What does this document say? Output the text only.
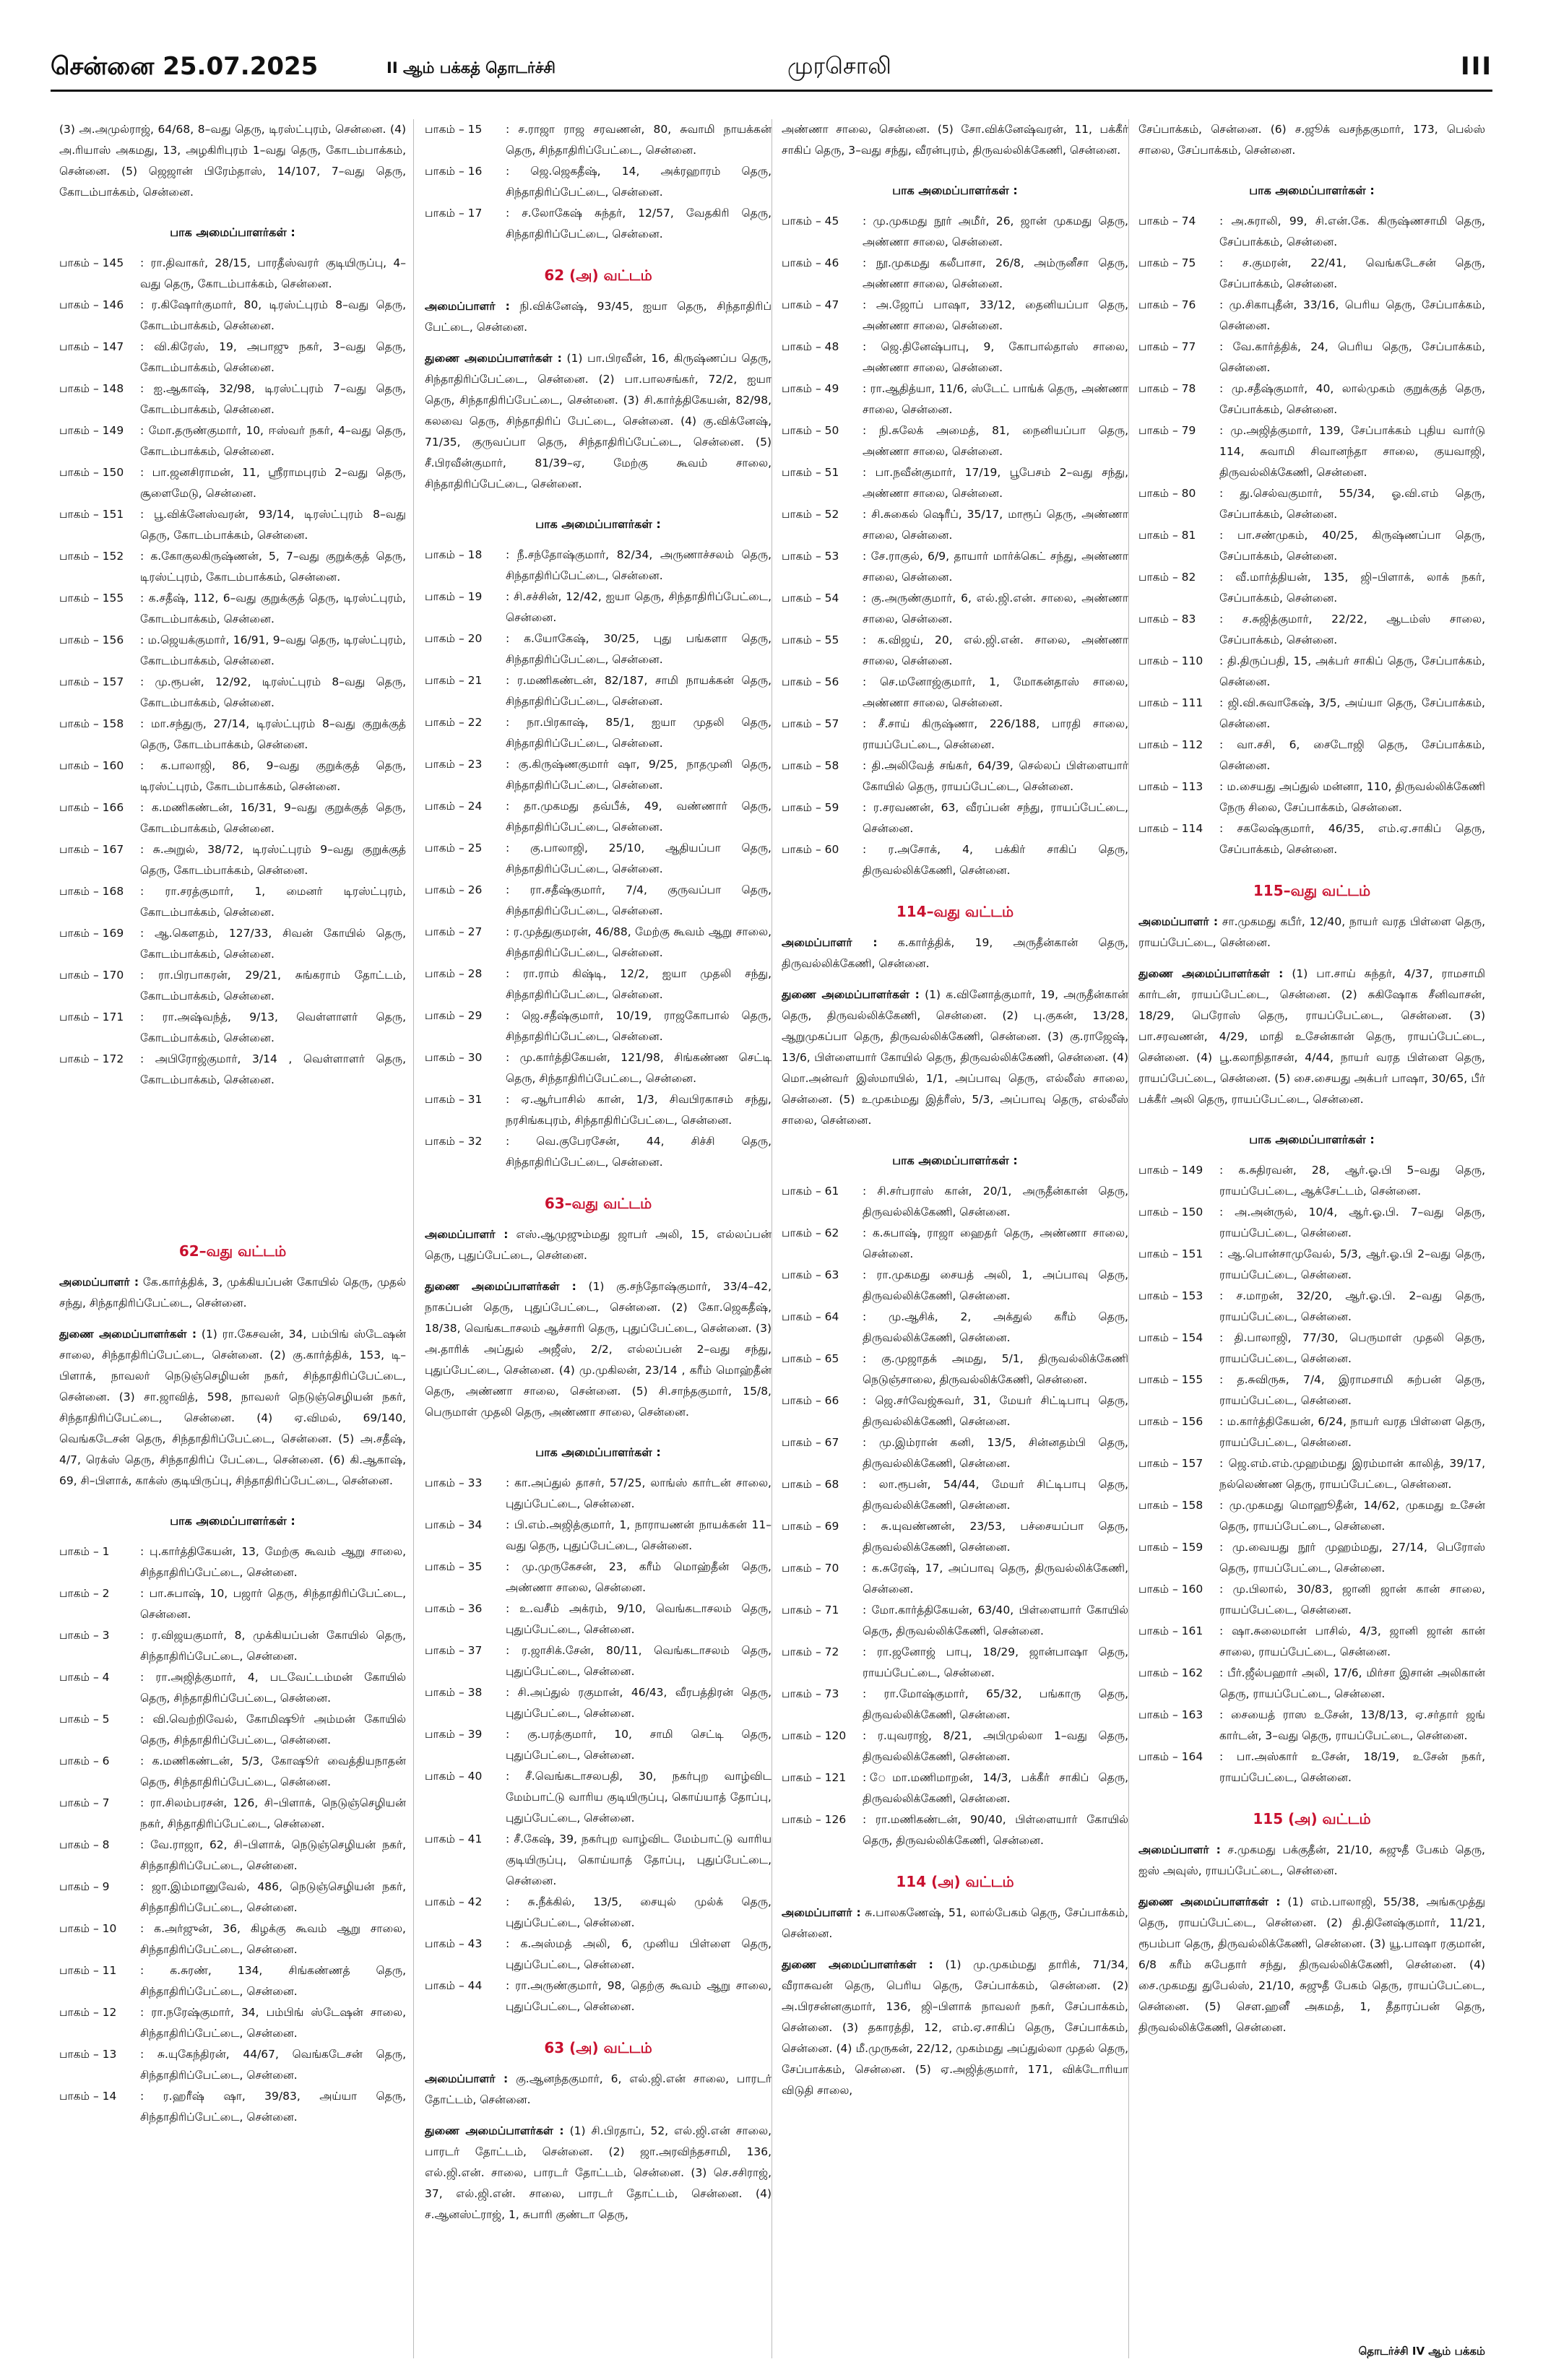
சென்னை 25.07.2025	II ஆம் பக்கத் தொடர்ச்சி	முரசொலி	III
(3) அ.அமுல்ராஜ், 64/68, 8–வது தெரு, டிரஸ்ட்புரம், சென்னை. (4) அ.ரியாஸ் அகமது, 13, அழகிரிபுரம் 1–வது தெரு, கோடம்பாக்கம், சென்னை. (5) ஜெஜான் பிரேம்தாஸ், 14/107, 7–வது தெரு, கோடம்பாக்கம், சென்னை.
பாக அமைப்பாளர்கள் :
பாகம் – 145	: ரா.திவாகர், 28/15, பாரதீஸ்வரர் குடியிருப்பு, 4–வது தெரு, கோடம்பாக்கம், சென்னை.
பாகம் – 146	: ர.கிஷோர்குமார், 80, டிரஸ்ட்புரம் 8–வது தெரு, கோடம்பாக்கம், சென்னை.
பாகம் – 147	: வி.கிரேஸ், 19, அபாஜு நகர், 3–வது தெரு, கோடம்பாக்கம், சென்னை.
பாகம் – 148	: ஐ.ஆகாஷ், 32/98, டிரஸ்ட்புரம் 7–வது தெரு, கோடம்பாக்கம், சென்னை.
பாகம் – 149	: மோ.தருண்குமார், 10, ஈஸ்வர் நகர், 4–வது தெரு, கோடம்பாக்கம், சென்னை.
பாகம் – 150	: பா.ஜனசிராமன், 11, ஸ்ரீராமபுரம் 2–வது தெரு, சூளைமேடு, சென்னை.
பாகம் – 151	: பூ.விக்னேஸ்வரன், 93/14, டிரஸ்ட்புரம் 8–வது தெரு, கோடம்பாக்கம், சென்னை.
பாகம் – 152	: க.கோகுலகிருஷ்ணன், 5, 7–வது குறுக்குத் தெரு, டிரஸ்ட்புரம், கோடம்பாக்கம், சென்னை.
பாகம் – 155	: க.சதீஷ், 112, 6–வது குறுக்குத் தெரு, டிரஸ்ட்புரம், கோடம்பாக்கம், சென்னை.
பாகம் – 156	: ம.ஜெயக்குமார், 16/91, 9–வது தெரு, டிரஸ்ட்புரம், கோடம்பாக்கம், சென்னை.
பாகம் – 157	: மு.ரூபன், 12/92, டிரஸ்ட்புரம் 8–வது தெரு, கோடம்பாக்கம், சென்னை.
பாகம் – 158	: மா.சந்துரு, 27/14, டிரஸ்ட்புரம் 8–வது குறுக்குத் தெரு, கோடம்பாக்கம், சென்னை.
பாகம் – 160	: க.பாலாஜி, 86, 9–வது குறுக்குத் தெரு, டிரஸ்ட்புரம், கோடம்பாக்கம், சென்னை.
பாகம் – 166	: க.மணிகண்டன், 16/31, 9–வது குறுக்குத் தெரு, கோடம்பாக்கம், சென்னை.
பாகம் – 167	: சு.அறுல், 38/72, டிரஸ்ட்புரம் 9–வது குறுக்குத் தெரு, கோடம்பாக்கம், சென்னை.
பாகம் – 168	: ரா.சரத்குமார், 1, மைனர் டிரஸ்ட்புரம், கோடம்பாக்கம், சென்னை.
பாகம் – 169	: ஆ.கௌதம், 127/33, சிவன் கோயில் தெரு, கோடம்பாக்கம், சென்னை.
பாகம் – 170	: ரா.பிரபாகரன், 29/21, சுங்கராம் தோட்டம், கோடம்பாக்கம், சென்னை.
பாகம் – 171	: ரா.அஷ்வந்த், 9/13, வெள்ளாளர் தெரு, கோடம்பாக்கம், சென்னை.
பாகம் – 172	: அபிரோஜ்குமார், 3/14 , வெள்ளாளர் தெரு, கோடம்பாக்கம், சென்னை.
62–வது வட்டம்
அமைப்பாளர் : கே.கார்த்திக், 3, முக்கியப்பன் கோயில் தெரு, முதல் சந்து, சிந்தாதிரிப்பேட்டை, சென்னை.
துணை அமைப்பாளர்கள் : (1) ரா.கேசவன், 34, பம்பிங் ஸ்டேஷன் சாலை, சிந்தாதிரிப்பேட்டை, சென்னை. (2) கு.கார்த்திக், 153, டி–பிளாக், நாவலர் நெடுஞ்செழியன் நகர், சிந்தாதிரிப்பேட்டை, சென்னை. (3) சா.ஜாவித், 598, நாவலர் நெடுஞ்செழியன் நகர், சிந்தாதிரிப்பேட்டை, சென்னை. (4) ஏ.விமல், 69/140, வெங்கடேசன் தெரு, சிந்தாதிரிப்பேட்டை, சென்னை. (5) அ.சதீஷ், 4/7, ரெக்ஸ் தெரு, சிந்தாதிரிப் பேட்டை, சென்னை. (6) கி.ஆகாஷ், 69, சி–பிளாக், காக்ஸ் குடியிருப்பு, சிந்தாதிரிப்பேட்டை, சென்னை.
பாக அமைப்பாளர்கள் :
பாகம் – 1	: பு.கார்த்திகேயன், 13, மேற்கு கூவம் ஆறு சாலை, சிந்தாதிரிப்பேட்டை, சென்னை.
பாகம் – 2	: பா.சுபாஷ், 10, பஜார் தெரு, சிந்தாதிரிப்பேட்டை, சென்னை.
பாகம் – 3	: ர.விஜயகுமார், 8, முக்கியப்பன் கோயில் தெரு, சிந்தாதிரிப்பேட்டை, சென்னை.
பாகம் – 4	: ரா.அஜித்குமார், 4, படவேட்டம்மன் கோயில் தெரு, சிந்தாதிரிப்பேட்டை, சென்னை.
பாகம் – 5	: வி.வெற்றிவேல், கோமிஷூர் அம்மன் கோயில் தெரு, சிந்தாதிரிப்பேட்டை, சென்னை.
பாகம் – 6	: க.மணிகண்டன், 5/3, கோஷூர் வைத்தியநாதன் தெரு, சிந்தாதிரிப்பேட்டை, சென்னை.
பாகம் – 7	: ரா.சிலம்பரசன், 126, சி–பிளாக், நெடுஞ்செழியன் நகர், சிந்தாதிரிப்பேட்டை, சென்னை.
பாகம் – 8	: வே.ராஜா, 62, சி–பிளாக், நெடுஞ்செழியன் நகர், சிந்தாதிரிப்பேட்டை, சென்னை.
பாகம் – 9	: ஜா.இம்மானுவேல், 486, நெடுஞ்செழியன் நகர், சிந்தாதிரிப்பேட்டை, சென்னை.
பாகம் – 10	: க.அர்ஜுன், 36, கிழக்கு கூவம் ஆறு சாலை, சிந்தாதிரிப்பேட்டை, சென்னை.
பாகம் – 11	: க.சுரண், 134, சிங்கண்ணத் தெரு, சிந்தாதிரிப்பேட்டை, சென்னை.
பாகம் – 12	: ரா.நரேஷ்குமார், 34, பம்பிங் ஸ்டேஷன் சாலை, சிந்தாதிரிப்பேட்டை, சென்னை.
பாகம் – 13	: சு.யுகேந்திரன், 44/67, வெங்கடேசன் தெரு, சிந்தாதிரிப்பேட்டை, சென்னை.
பாகம் – 14	: ர.ஹரீஷ் ஷா, 39/83, அய்யா தெரு, சிந்தாதிரிப்பேட்டை, சென்னை.
பாகம் – 15	: ச.ராஜா ராஜ சரவணன், 80, சுவாமி நாயக்கன் தெரு, சிந்தாதிரிப்பேட்டை, சென்னை.
பாகம் – 16	: ஜெ.ஜெகதீஷ், 14, அக்ரஹாரம் தெரு, சிந்தாதிரிப்பேட்டை, சென்னை.
பாகம் – 17	: ச.லோகேஷ் சுந்தர், 12/57, வேதகிரி தெரு, சிந்தாதிரிப்பேட்டை, சென்னை.
62 (அ) வட்டம்
அமைப்பாளர் : நி.விக்னேஷ், 93/45, ஐயா தெரு, சிந்தாதிரிப் பேட்டை, சென்னை.
துணை அமைப்பாளர்கள் : (1) பா.பிரவீன், 16, கிருஷ்ணப்ப தெரு, சிந்தாதிரிப்பேட்டை, சென்னை. (2) பா.பாலசங்கர், 72/2, ஐயா தெரு, சிந்தாதிரிப்பேட்டை, சென்னை. (3) சி.கார்த்திகேயன், 82/98, கலவை தெரு, சிந்தாதிரிப் பேட்டை, சென்னை. (4) கு.விக்னேஷ், 71/35, குருவப்பா தெரு, சிந்தாதிரிப்பேட்டை, சென்னை. (5) சீ.பிரவீன்குமார், 81/39–ஏ, மேற்கு கூவம் சாலை, சிந்தாதிரிப்பேட்டை, சென்னை.
பாக அமைப்பாளர்கள் :
பாகம் – 18	: நீ.சந்தோஷ்குமார், 82/34, அருணாச்சலம் தெரு, சிந்தாதிரிப்பேட்டை, சென்னை.
பாகம் – 19	: சி.சச்சின், 12/42, ஐயா தெரு, சிந்தாதிரிப்பேட்டை, சென்னை.
பாகம் – 20	: க.யோகேஷ், 30/25, புது பங்களா தெரு, சிந்தாதிரிப்பேட்டை, சென்னை.
பாகம் – 21	: ர.மணிகண்டன், 82/187, சாமி நாயக்கன் தெரு, சிந்தாதிரிப்பேட்டை, சென்னை.
பாகம் – 22	: நா.பிரகாஷ், 85/1, ஐயா முதலி தெரு, சிந்தாதிரிப்பேட்டை, சென்னை.
பாகம் – 23	: கு.கிருஷ்ணகுமார் ஷா, 9/25, நாதமுனி தெரு, சிந்தாதிரிப்பேட்டை, சென்னை.
பாகம் – 24	: தா.முகமது தவ்பீக், 49, வண்ணார் தெரு, சிந்தாதிரிப்பேட்டை, சென்னை.
பாகம் – 25	: கு.பாலாஜி, 25/10, ஆதியப்பா தெரு, சிந்தாதிரிப்பேட்டை, சென்னை.
பாகம் – 26	: ரா.சதீஷ்குமார், 7/4, குருவப்பா தெரு, சிந்தாதிரிப்பேட்டை, சென்னை.
பாகம் – 27	: ர.முத்துகுமரன், 46/88, மேற்கு கூவம் ஆறு சாலை, சிந்தாதிரிப்பேட்டை, சென்னை.
பாகம் – 28	: ரா.ராம் கிஷ்டி, 12/2, ஐயா முதலி சந்து, சிந்தாதிரிப்பேட்டை, சென்னை.
பாகம் – 29	: ஜெ.சதீஷ்குமார், 10/19, ராஜகோபால் தெரு, சிந்தாதிரிப்பேட்டை, சென்னை.
பாகம் – 30	: மு.கார்த்திகேயன், 121/98, சிங்கண்ண செட்டி தெரு, சிந்தாதிரிப்பேட்டை, சென்னை.
பாகம் – 31	: ஏ.ஆர்பாசில் கான், 1/3, சிவபிரகாசம் சந்து, நரசிங்கபுரம், சிந்தாதிரிப்பேட்டை, சென்னை.
பாகம் – 32	: வெ.குபேரசேன், 44, சிச்சி தெரு, சிந்தாதிரிப்பேட்டை, சென்னை.
63–வது வட்டம்
அமைப்பாளர் : எஸ்.ஆமுஜும்மது ஜாபர் அலி, 15, எல்லப்பன் தெரு, புதுப்பேட்டை, சென்னை.
துணை அமைப்பாளர்கள் : (1) கு.சந்தோஷ்குமார், 33/4–42, நாகப்பன் தெரு, புதுப்பேட்டை, சென்னை. (2) கோ.ஜெகதீஷ், 18/38, வெங்கடாசலம் ஆச்சாரி தெரு, புதுப்பேட்டை, சென்னை. (3) அ.தாரிக் அப்துல் அஜீஸ், 2/2, எல்லப்பன் 2–வது சந்து, புதுப்பேட்டை, சென்னை. (4) மு.முகிலன், 23/14 , கரீம் மொஹ்தீன் தெரு, அண்ணா சாலை, சென்னை. (5) சி.சாந்தகுமார், 15/8, பெருமாள் முதலி தெரு, அண்ணா சாலை, சென்னை.
பாக அமைப்பாளர்கள் :
பாகம் – 33	: கா.அப்துல் தாசர், 57/25, லாங்ஸ் கார்டன் சாலை, புதுப்பேட்டை, சென்னை.
பாகம் – 34	: பி.எம்.அஜித்குமார், 1, நாராயணன் நாயக்கன் 11–வது தெரு, புதுப்பேட்டை, சென்னை.
பாகம் – 35	: மு.முருகேசன், 23, கரீம் மொஹ்தீன் தெரு, அண்ணா சாலை, சென்னை.
பாகம் – 36	: உ.வசீம் அக்ரம், 9/10, வெங்கடாசலம் தெரு, புதுப்பேட்டை, சென்னை.
பாகம் – 37	: ர.ஜாசிக்.சேன், 80/11, வெங்கடாசலம் தெரு, புதுப்பேட்டை, சென்னை.
பாகம் – 38	: சி.அப்துல் ரகுமான், 46/43, வீரபத்திரன் தெரு, புதுப்பேட்டை, சென்னை.
பாகம் – 39	: கு.பரத்குமார், 10, சாமி செட்டி தெரு, புதுப்பேட்டை, சென்னை.
பாகம் – 40	: சீ.வெங்கடாசலபதி, 30, நகர்புற வாழ்விட மேம்பாட்டு வாரிய குடியிருப்பு, கொய்யாத் தோப்பு, புதுப்பேட்டை, சென்னை.
பாகம் – 41	: சீ.கேஷ், 39, நகர்புற வாழ்விட மேம்பாட்டு வாரிய குடியிருப்பு, கொய்யாத் தோப்பு, புதுப்பேட்டை, சென்னை.
பாகம் – 42	: சு.நீக்கில், 13/5, சையுல் முல்க் தெரு, புதுப்பேட்டை, சென்னை.
பாகம் – 43	: க.அஸ்மத் அலி, 6, முனிய பிள்ளை தெரு, புதுப்பேட்டை, சென்னை.
பாகம் – 44	: ரா.அருண்குமார், 98, தெற்கு கூவம் ஆறு சாலை, புதுப்பேட்டை, சென்னை.
63 (அ) வட்டம்
அமைப்பாளர் : கு.ஆனந்தகுமார், 6, எல்.ஜி.என் சாலை, பாரடர் தோட்டம், சென்னை.
துணை அமைப்பாளர்கள் : (1) சி.பிரதாப், 52, எல்.ஜி.என் சாலை, பாரடர் தோட்டம், சென்னை. (2) ஜா.அரவிந்தசாமி, 136, எல்.ஜி.என். சாலை, பாரடர் தோட்டம், சென்னை. (3) செ.சசிராஜ், 37, எல்.ஜி.என். சாலை, பாரடர் தோட்டம், சென்னை. (4) ச.ஆனஸ்ட்ராஜ், 1, சுபாரி குண்டா தெரு,
அண்ணா சாலை, சென்னை. (5) சோ.விக்னேஷ்வரன், 11, பக்கீர் சாகிப் தெரு, 3–வது சந்து, வீரன்புரம், திருவல்லிக்கேணி, சென்னை.
பாக அமைப்பாளர்கள் :
பாகம் – 45	: மு.முகமது நூர் அமீர், 26, ஜான் முகமது தெரு, அண்ணா சாலை, சென்னை.
பாகம் – 46	: நூ.முகமது கலீபாசா, 26/8, அம்ருனீசா தெரு, அண்ணா சாலை, சென்னை.
பாகம் – 47	: அ.ஜோப் பாஷா, 33/12, தைனியப்பா தெரு, அண்ணா சாலை, சென்னை.
பாகம் – 48	: ஜெ.தினேஷ்பாபு, 9, கோபால்தாஸ் சாலை, அண்ணா சாலை, சென்னை.
பாகம் – 49	: ரா.ஆதித்யா, 11/6, ஸ்டேட் பாங்க் தெரு, அண்ணா சாலை, சென்னை.
பாகம் – 50	: நி.சுலேக் அமைத், 81, நைனியப்பா தெரு, அண்ணா சாலை, சென்னை.
பாகம் – 51	: பா.நவீன்குமார், 17/19, பூபேசம் 2–வது சந்து, அண்ணா சாலை, சென்னை.
பாகம் – 52	: சி.சுகைல் ஷெரீப், 35/17, மாரூப் தெரு, அண்ணா சாலை, சென்னை.
பாகம் – 53	: சே.ராகுல், 6/9, தாயார் மார்க்கெட் சந்து, அண்ணா சாலை, சென்னை.
பாகம் – 54	: கு.அருண்குமார், 6, எல்.ஜி.என். சாலை, அண்ணா சாலை, சென்னை.
பாகம் – 55	: க.விஜய், 20, எல்.ஜி.என். சாலை, அண்ணா சாலை, சென்னை.
பாகம் – 56	: செ.மனோஜ்குமார், 1, மோகன்தாஸ் சாலை, அண்ணா சாலை, சென்னை.
பாகம் – 57	: சீ.சாய் கிருஷ்ணா, 226/188, பாரதி சாலை, ராயப்பேட்டை, சென்னை.
பாகம் – 58	: தி.அலிவேத் சங்கர், 64/39, செல்லப் பிள்ளையார் கோயில் தெரு, ராயப்பேட்டை, சென்னை.
பாகம் – 59	: ர.சரவணன், 63, வீரப்பன் சந்து, ராயப்பேட்டை, சென்னை.
பாகம் – 60	: ர.அசோக், 4, பக்கிர் சாகிப் தெரு, திருவல்லிக்கேணி, சென்னை.
114–வது வட்டம்
அமைப்பாளர் : க.கார்த்திக், 19, அருதீன்கான் தெரு, திருவல்லிக்கேணி, சென்னை.
துணை அமைப்பாளர்கள் : (1) க.வினோத்குமார், 19, அருதீன்கான் தெரு, திருவல்லிக்கேணி, சென்னை. (2) பு.குகன், 13/28, ஆறுமுகப்பா தெரு, திருவல்லிக்கேணி, சென்னை. (3) கு.ராஜேஷ், 13/6, பிள்ளையார் கோயில் தெரு, திருவல்லிக்கேணி, சென்னை. (4) மொ.அன்வர் இஸ்மாயில், 1/1, அப்பாவு தெரு, எல்லீஸ் சாலை, சென்னை. (5) உமுகம்மது இத்ரீஸ், 5/3, அப்பாவு தெரு, எல்லீஸ் சாலை, சென்னை.
பாக அமைப்பாளர்கள் :
பாகம் – 61	: சி.சர்பராஸ் கான், 20/1, அருதீன்கான் தெரு, திருவல்லிக்கேணி, சென்னை.
பாகம் – 62	: க.சுபாஷ், ராஜா ஹைதர் தெரு, அண்ணா சாலை, சென்னை.
பாகம் – 63	: ரா.முகமது சையத் அலி, 1, அப்பாவு தெரு, திருவல்லிக்கேணி, சென்னை.
பாகம் – 64	: மு.ஆசிக், 2, அக்துல் கரீம் தெரு, திருவல்லிக்கேணி, சென்னை.
பாகம் – 65	: கு.முஜாதக் அமது, 5/1, திருவல்லிக்கேணி நெடுஞ்சாலை, திருவல்லிக்கேணி, சென்னை.
பாகம் – 66	: ஜெ.சர்வேஜ்சுவர், 31, மேயர் சிட்டிபாபு தெரு, திருவல்லிக்கேணி, சென்னை.
பாகம் – 67	: மு.இம்ரான் கனி, 13/5, சின்னதம்பி தெரு, திருவல்லிக்கேணி, சென்னை.
பாகம் – 68	: லா.ரூபன், 54/44, மேயர் சிட்டிபாபு தெரு, திருவல்லிக்கேணி, சென்னை.
பாகம் – 69	: சு.யுவண்ணன், 23/53, பச்சையப்பா தெரு, திருவல்லிக்கேணி, சென்னை.
பாகம் – 70	: க.சுரேஷ், 17, அப்பாவு தெரு, திருவல்லிக்கேணி, சென்னை.
பாகம் – 71	: மோ.கார்த்திகேயன், 63/40, பிள்ளையார் கோயில் தெரு, திருவல்லிக்கேணி, சென்னை.
பாகம் – 72	: ரா.ஜனோஜ் பாபு, 18/29, ஜான்பாஷா தெரு, ராயப்பேட்டை, சென்னை.
பாகம் – 73	: ரா.மோஷ்குமார், 65/32, பங்காரு தெரு, திருவல்லிக்கேணி, சென்னை.
பாகம் – 120	: ர.யுவராஜ், 8/21, அபிமுல்லா 1–வது தெரு, திருவல்லிக்கேணி, சென்னை.
பாகம் – 121	: ேமா.மணிமாறன், 14/3, பக்கீர் சாகிப் தெரு, திருவல்லிக்கேணி, சென்னை.
பாகம் – 126	: ரா.மணிகண்டன், 90/40, பிள்ளையார் கோயில் தெரு, திருவல்லிக்கேணி, சென்னை.
114 (அ) வட்டம்
அமைப்பாளர் : சு.பாலகணேஷ், 51, லால்பேகம் தெரு, சேப்பாக்கம், சென்னை.
துணை அமைப்பாளர்கள் : (1) மு.முகம்மது தாரிக், 71/34, வீராசுவன் தெரு, பெரிய தெரு, சேப்பாக்கம், சென்னை. (2) அ.பிரசன்னகுமார், 136, ஜி–பிளாக் நாவலர் நகர், சேப்பாக்கம், சென்னை. (3) தகாரத்தி, 12, எம்.ஏ.சாகிப் தெரு, சேப்பாக்கம், சென்னை. (4) மீ.முருகன், 22/12, முகம்மது அப்துல்லா முதல் தெரு, சேப்பாக்கம், சென்னை. (5) ஏ.அஜித்குமார், 171, விக்டோரியா விடுதி சாலை,
சேப்பாக்கம், சென்னை. (6) ச.ஜூக் வசந்தகுமார், 173, பெல்ஸ் சாலை, சேப்பாக்கம், சென்னை.
பாக அமைப்பாளர்கள் :
பாகம் – 74	: அ.சுராலி, 99, சி.என்.கே. கிருஷ்ணசாமி தெரு, சேப்பாக்கம், சென்னை.
பாகம் – 75	: ச.குமரன், 22/41, வெங்கடேசன் தெரு, சேப்பாக்கம், சென்னை.
பாகம் – 76	: மு.சிகாபுதீன், 33/16, பெரிய தெரு, சேப்பாக்கம், சென்னை.
பாகம் – 77	: வே.கார்த்திக், 24, பெரிய தெரு, சேப்பாக்கம், சென்னை.
பாகம் – 78	: மு.சதீஷ்குமார், 40, லால்முகம் குறுக்குத் தெரு, சேப்பாக்கம், சென்னை.
பாகம் – 79	: மு.அஜித்குமார், 139, சேப்பாக்கம் புதிய வார்டு 114, சுவாமி சிவானந்தா சாலை, குயவாஜி, திருவல்லிக்கேணி, சென்னை.
பாகம் – 80	: து.செல்வகுமார், 55/34, ஓ.வி.எம் தெரு, சேப்பாக்கம், சென்னை.
பாகம் – 81	: பா.சண்முகம், 40/25, கிருஷ்ணப்பா தெரு, சேப்பாக்கம், சென்னை.
பாகம் – 82	: வீ.மார்த்தியன், 135, ஜி–பிளாக், லாக் நகர், சேப்பாக்கம், சென்னை.
பாகம் – 83	: ச.சுஜித்குமார், 22/22, ஆடம்ஸ் சாலை, சேப்பாக்கம், சென்னை.
பாகம் – 110	: தி.திருப்பதி, 15, அக்பர் சாகிப் தெரு, சேப்பாக்கம், சென்னை.
பாகம் – 111	: ஜி.வி.சுவாகேஷ், 3/5, அய்யா தெரு, சேப்பாக்கம், சென்னை.
பாகம் – 112	: வா.சசி, 6, சைடோஜி தெரு, சேப்பாக்கம், சென்னை.
பாகம் – 113	: ம.சையது அப்துல் மன்னா, 110, திருவல்லிக்கேணி நேரு சிலை, சேப்பாக்கம், சென்னை.
பாகம் – 114	: சகலேஷ்குமார், 46/35, எம்.ஏ.சாகிப் தெரு, சேப்பாக்கம், சென்னை.
115–வது வட்டம்
அமைப்பாளர் : சா.முகமது கபீர், 12/40, நாயர் வரத பிள்ளை தெரு, ராயப்பேட்டை, சென்னை.
துணை அமைப்பாளர்கள் : (1) பா.சாய் சுந்தர், 4/37, ராமசாமி கார்டன், ராயப்பேட்டை, சென்னை. (2) சுகிஷோக சீனிவாசன், 18/29, பெரோஸ் தெரு, ராயப்பேட்டை, சென்னை. (3) பா.சரவணன், 4/29, மாதி உசேன்கான் தெரு, ராயப்பேட்டை, சென்னை. (4) பூ.கலாநிதாசன், 4/44, நாயர் வரத பிள்ளை தெரு, ராயப்பேட்டை, சென்னை. (5) சை.சையது அக்பர் பாஷா, 30/65, பீர் பக்கீர் அலி தெரு, ராயப்பேட்டை, சென்னை.
பாக அமைப்பாளர்கள் :
பாகம் – 149	: க.சுதிரவன், 28, ஆர்.ஓ.பி 5–வது தெரு, ராயப்பேட்டை, ஆக்சேட்டம், சென்னை.
பாகம் – 150	: அ.அன்ருல், 10/4, ஆர்.ஓ.பி. 7–வது தெரு, ராயப்பேட்டை, சென்னை.
பாகம் – 151	: ஆ.பொன்சாமுவேல், 5/3, ஆர்.ஓ.பி 2–வது தெரு, ராயப்பேட்டை, சென்னை.
பாகம் – 153	: ச.மாறன், 32/20, ஆர்.ஓ.பி. 2–வது தெரு, ராயப்பேட்டை, சென்னை.
பாகம் – 154	: தி.பாலாஜி, 77/30, பெருமாள் முதலி தெரு, ராயப்பேட்டை, சென்னை.
பாகம் – 155	: த.சுவிருசு, 7/4, இராமசாமி சுற்பன் தெரு, ராயப்பேட்டை, சென்னை.
பாகம் – 156	: ம.கார்த்திகேயன், 6/24, நாயர் வரத பிள்ளை தெரு, ராயப்பேட்டை, சென்னை.
பாகம் – 157	: ஜெ.எம்.எம்.முஹம்மது இரம்மான் காலித், 39/17, நல்லெண்ண தெரு, ராயப்பேட்டை, சென்னை.
பாகம் – 158	: மு.முகமது மொஹூதீன், 14/62, முகமது உசேன் தெரு, ராயப்பேட்டை, சென்னை.
பாகம் – 159	: மு.வையது நூர் முஹம்மது, 27/14, பெரோஸ் தெரு, ராயப்பேட்டை, சென்னை.
பாகம் – 160	: மு.பிலால், 30/83, ஜானி ஜான் கான் சாலை, ராயப்பேட்டை, சென்னை.
பாகம் – 161	: ஷா.சுலைமான் பாசில், 4/3, ஜானி ஜான் கான் சாலை, ராயப்பேட்டை, சென்னை.
பாகம் – 162	: பீர்.ஜீல்பஹார் அலி, 17/6, மிர்சா இசான் அலிகான் தெரு, ராயப்பேட்டை, சென்னை.
பாகம் – 163	: சையைத் ராஸ உசேன், 13/8/13, ஏ.சர்தார் ஜங் கார்டன், 3–வது தெரு, ராயப்பேட்டை, சென்னை.
பாகம் – 164	: பா.அஸ்கார் உசேன், 18/19, உசேன் நகர், ராயப்பேட்டை, சென்னை.
115 (அ) வட்டம்
அமைப்பாளர் : ச.முகமது பக்குதீன், 21/10, சுஜுதீ பேகம் தெரு, ஐஸ் அவுஸ், ராயப்பேட்டை, சென்னை.
துணை அமைப்பாளர்கள் : (1) எம்.பாலாஜி, 55/38, அங்கமுத்து தெரு, ராயப்பேட்டை, சென்னை. (2) தி.தினேஷ்குமார், 11/21, ரூபம்பா தெரு, திருவல்லிக்கேணி, சென்னை. (3) யூ.பாஷா ரகுமான், 6/8 கரீம் சுபேதார் சந்து, திருவல்லிக்கேணி, சென்னை. (4) சை.முகமது துபேல்ஸ், 21/10, சுஜுதீ பேகம் தெரு, ராயப்பேட்டை, சென்னை. (5) சௌ.ஹனீ அகமத், 1, தீதாரப்பன் தெரு, திருவல்லிக்கேணி, சென்னை.
தொடர்ச்சி IV ஆம் பக்கம்
